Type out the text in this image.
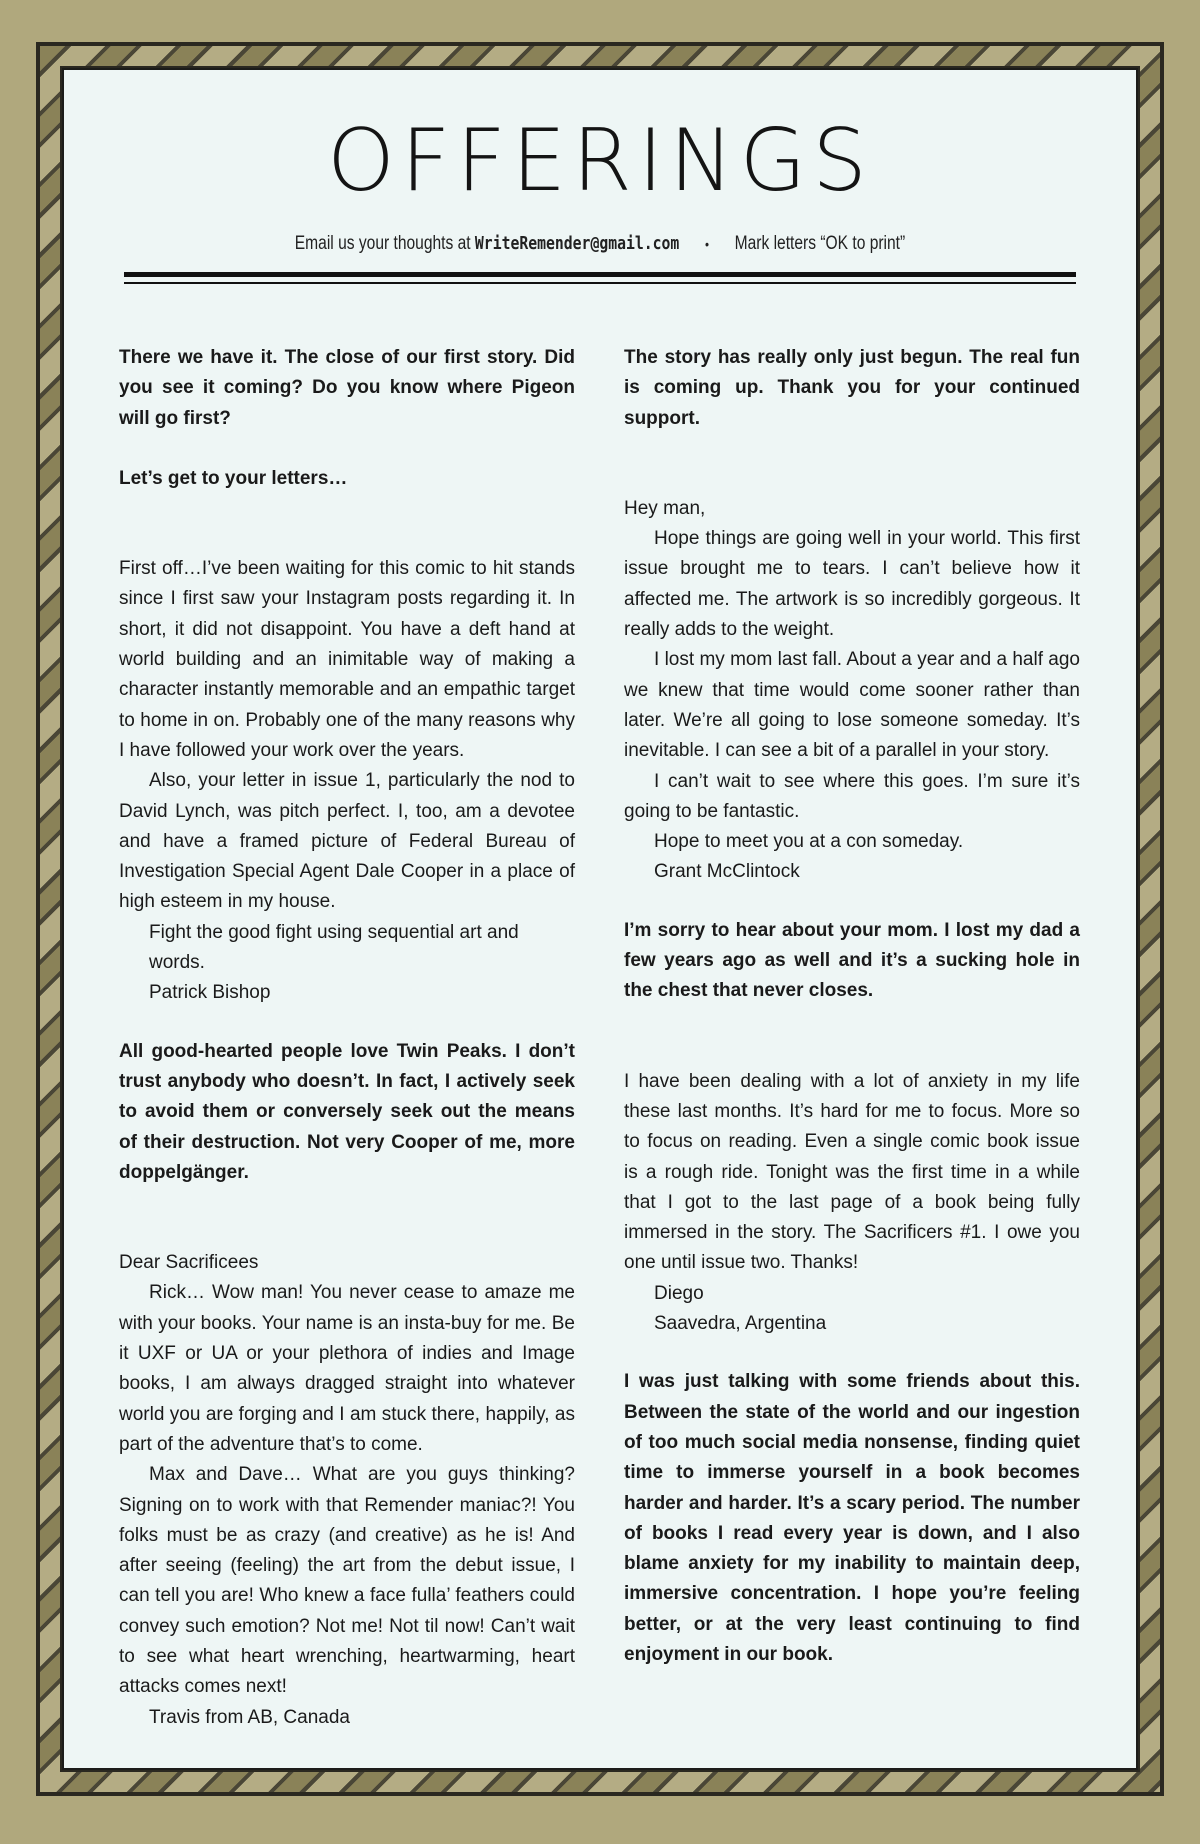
OFFERINGS
Email us your thoughts at WriteRemender@gmail.com • Mark letters “OK to print”

There we have it. The close of our first story. Did you see it coming? Do you know where Pigeon will go first?

Let’s get to your letters…

First off…I’ve been waiting for this comic to hit stands since I first saw your Instagram posts regarding it. In short, it did not disappoint. You have a deft hand at world building and an inimitable way of making a character instantly memorable and an empathic target to home in on. Probably one of the many reasons why I have followed your work over the years.

Also, your letter in issue 1, particularly the nod to David Lynch, was pitch perfect. I, too, am a devotee and have a framed picture of Federal Bureau of Investigation Special Agent Dale Cooper in a place of high esteem in my house.

Fight the good fight using sequential art and words.

Patrick Bishop

All good-hearted people love Twin Peaks. I don’t trust anybody who doesn’t. In fact, I actively seek to avoid them or conversely seek out the means of their destruction. Not very Cooper of me, more doppelgänger.

Dear Sacrificees

Rick… Wow man! You never cease to amaze me with your books. Your name is an insta-buy for me. Be it UXF or UA or your plethora of indies and Image books, I am always dragged straight into whatever world you are forging and I am stuck there, happily, as part of the adventure that’s to come.

Max and Dave… What are you guys thinking? Signing on to work with that Remender maniac?! You folks must be as crazy (and creative) as he is! And after seeing (feeling) the art from the debut issue, I can tell you are! Who knew a face fulla’ feathers could convey such emotion? Not me! Not til now! Can’t wait to see what heart wrenching, heartwarming, heart attacks comes next!

Travis from AB, Canada

The story has really only just begun. The real fun is coming up. Thank you for your continued support.

Hey man,

Hope things are going well in your world. This first issue brought me to tears. I can’t believe how it affected me. The artwork is so incredibly gorgeous. It really adds to the weight.

I lost my mom last fall. About a year and a half ago we knew that time would come sooner rather than later. We’re all going to lose someone someday. It’s inevitable. I can see a bit of a parallel in your story.

I can’t wait to see where this goes. I’m sure it’s going to be fantastic.

Hope to meet you at a con someday.

Grant McClintock

I’m sorry to hear about your mom. I lost my dad a few years ago as well and it’s a sucking hole in the chest that never closes.

I have been dealing with a lot of anxiety in my life these last months. It’s hard for me to focus. More so to focus on reading. Even a single comic book issue is a rough ride. Tonight was the first time in a while that I got to the last page of a book being fully immersed in the story. The Sacrificers #1. I owe you one until issue two. Thanks!

Diego

Saavedra, Argentina

I was just talking with some friends about this. Between the state of the world and our ingestion of too much social media nonsense, finding quiet time to immerse yourself in a book becomes harder and harder. It’s a scary period. The number of books I read every year is down, and I also blame anxiety for my inability to maintain deep, immersive concentration. I hope you’re feeling better, or at the very least continuing to find enjoyment in our book.
